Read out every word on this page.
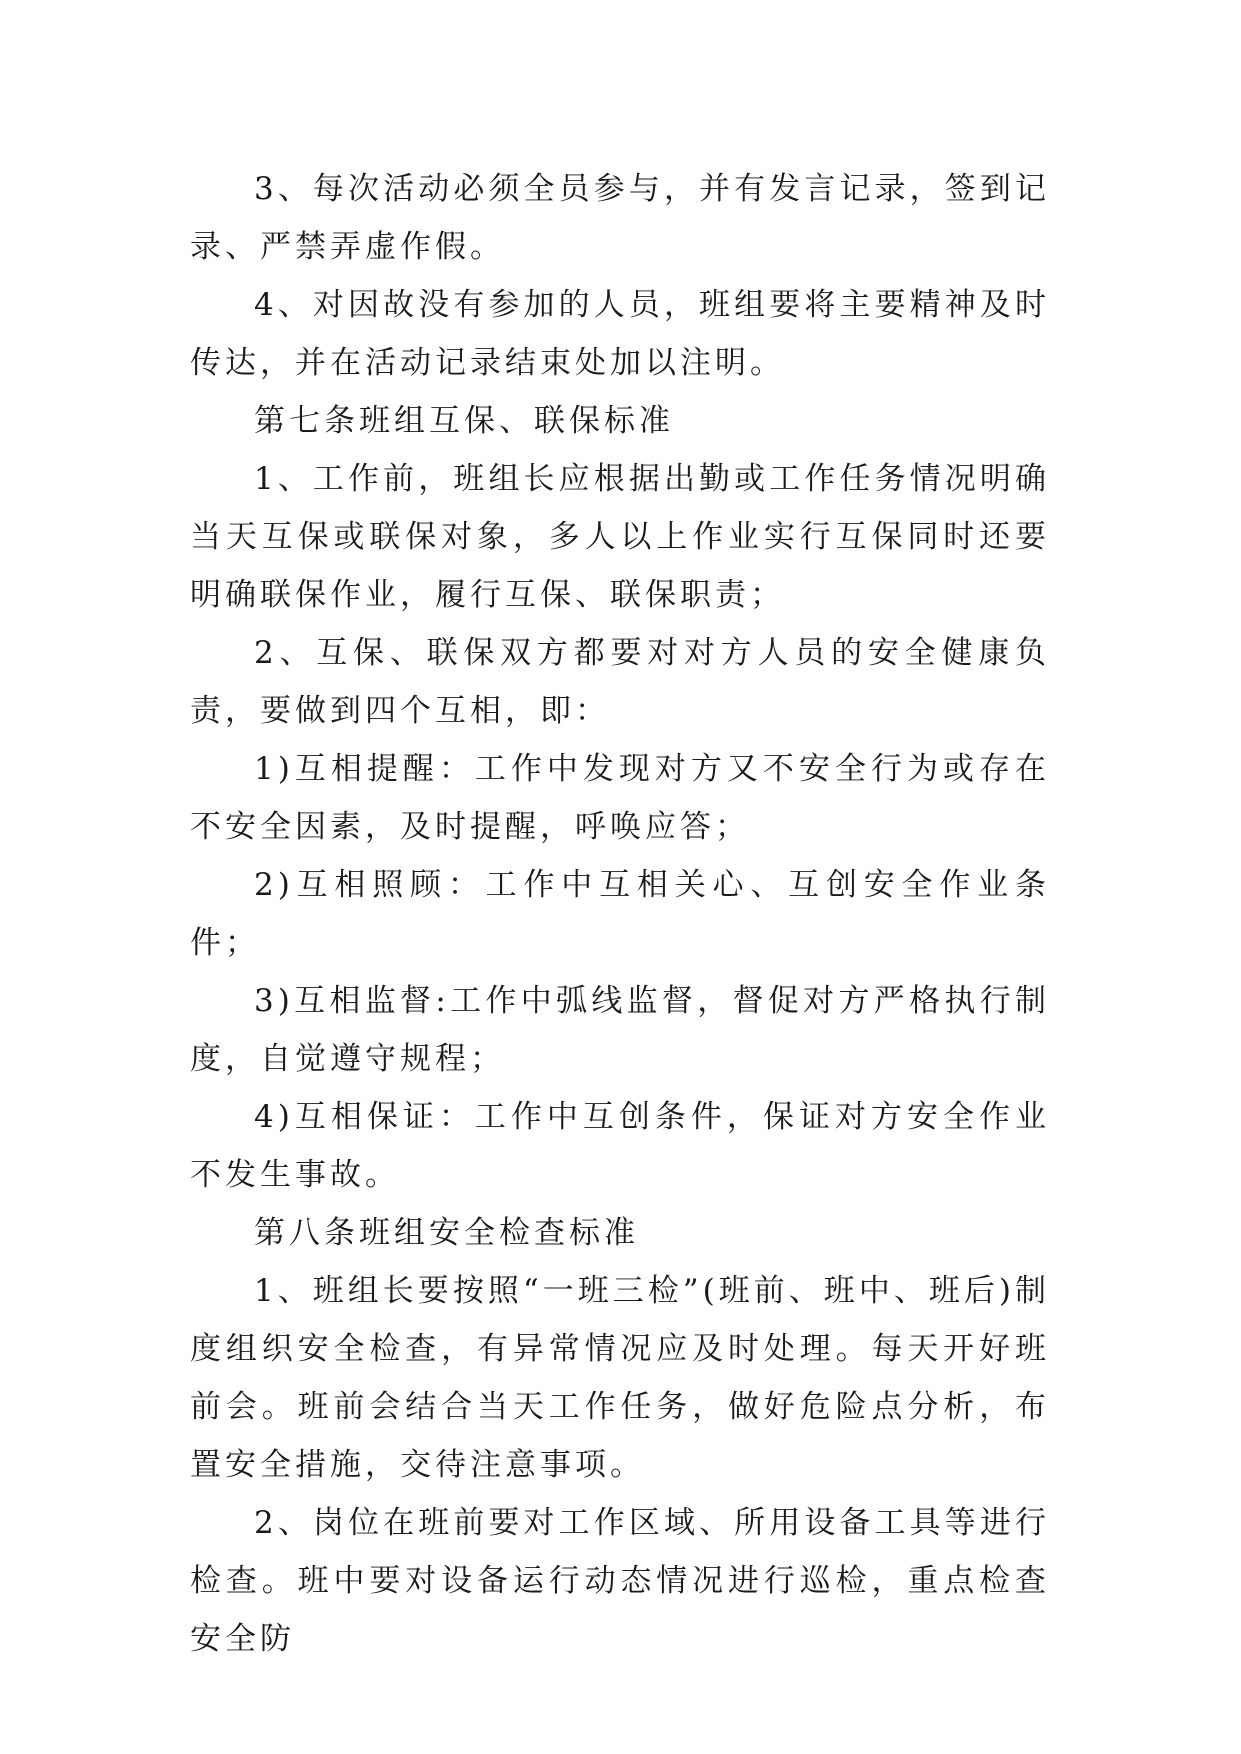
3、每次活动必须全员参与，并有发言记录，签到记录、严禁弄虚作假。

4、对因故没有参加的人员，班组要将主要精神及时传达，并在活动记录结束处加以注明。

第七条班组互保、联保标准

1、工作前，班组长应根据出勤或工作任务情况明确当天互保或联保对象，多人以上作业实行互保同时还要明确联保作业，履行互保、联保职责；

2、互保、联保双方都要对对方人员的安全健康负责，要做到四个互相，即：

1)互相提醒：工作中发现对方又不安全行为或存在不安全因素，及时提醒，呼唤应答；

2)互相照顾：工作中互相关心、互创安全作业条件；

3)互相监督:工作中弧线监督，督促对方严格执行制度，自觉遵守规程；

4)互相保证：工作中互创条件，保证对方安全作业不发生事故。

第八条班组安全检查标准

1、班组长要按照“一班三检”(班前、班中、班后)制度组织安全检查，有异常情况应及时处理。每天开好班前会。班前会结合当天工作任务，做好危险点分析，布置安全措施，交待注意事项。

2、岗位在班前要对工作区域、所用设备工具等进行检查。班中要对设备运行动态情况进行巡检，重点检查安全防
